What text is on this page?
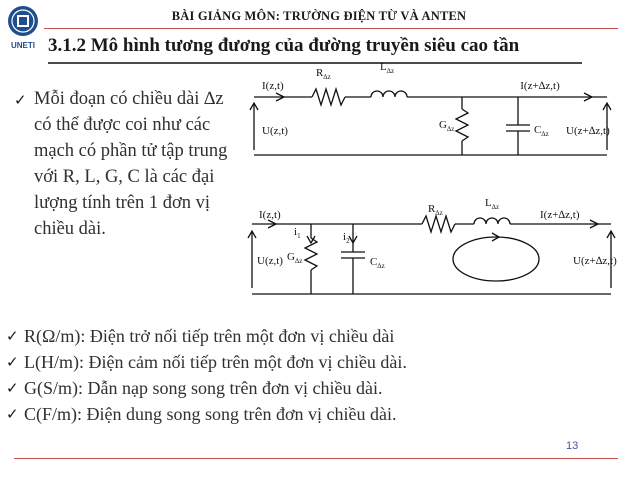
UNETI
BÀI GIẢNG MÔN: TRƯỜNG ĐIỆN TỪ VÀ ANTEN
3.1.2 Mô hình tương đương của đường truyền siêu cao tần
✓ Mỗi đoạn có chiều dài ∆z có thể được coi như các mạch có phần tử tập trung với R, L, G, C là các đại lượng tính trên 1 đơn vị chiều dài.
I(z,t)	I(z+∆z,t)
U(z,t)	U(z+∆z,t)
$R_{\Delta z}$
$L_{\Delta z}$
$G_{\Delta z}$	$C_{\Delta z}$
I(z,t)	I(z+∆z,t)
U(z,t)	U(z+∆z,t)
$i_1$	$i_2$
$R_{\Delta z}$
$L_{\Delta z}$
$G_{\Delta z}$	$C_{\Delta z}$
✓ R(Ω/m): Điện trở nối tiếp trên một đơn vị chiều dài
✓ L(H/m): Điện cảm nối tiếp trên một đơn vị chiều dài.
✓ G(S/m): Dẫn nạp song song trên đơn vị chiều dài.
✓ C(F/m): Điện dung song song trên đơn vị chiều dài.
13
